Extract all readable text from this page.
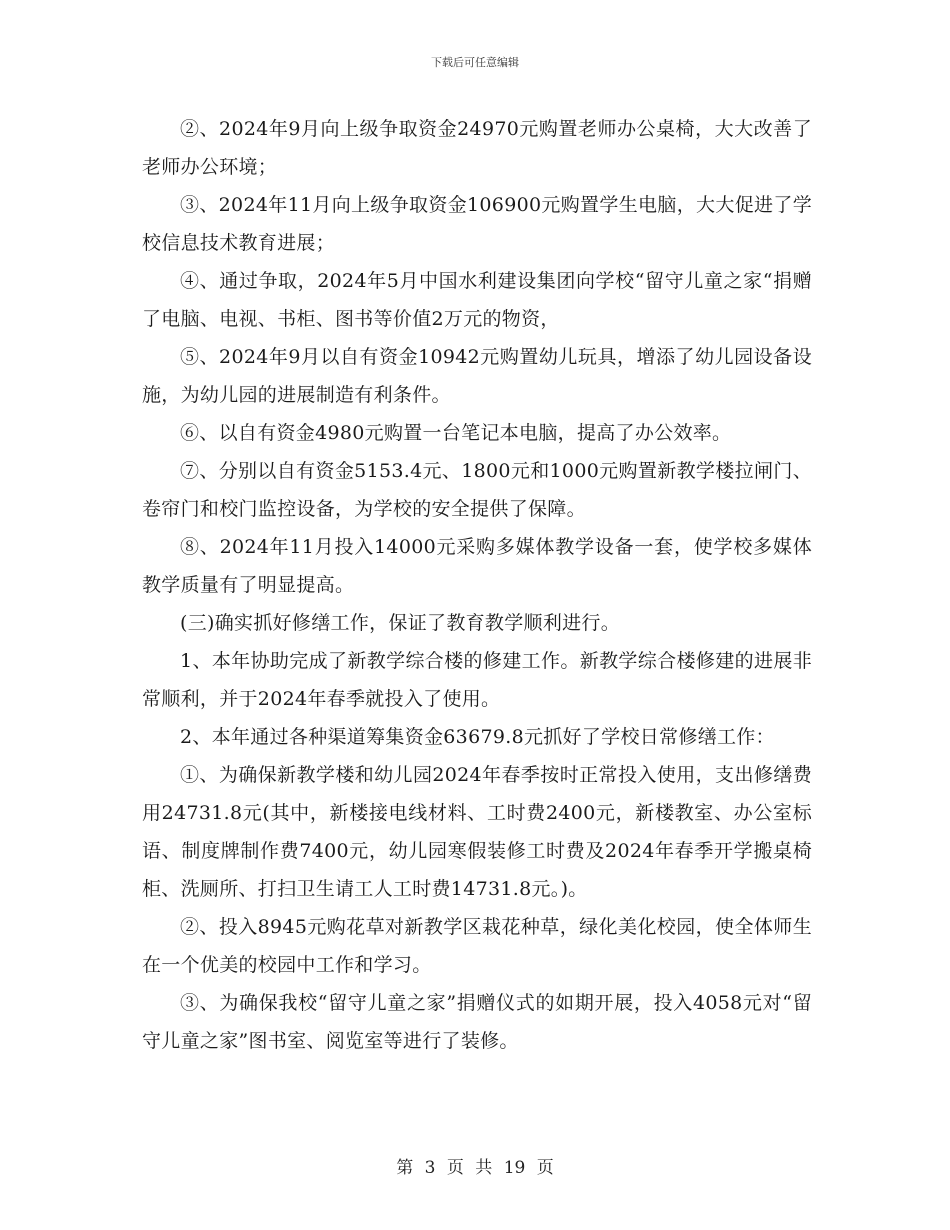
下载后可任意编辑

②、2024年9月向上级争取资金24970元购置老师办公桌椅，大大改善了老师办公环境；

③、2024年11月向上级争取资金106900元购置学生电脑，大大促进了学校信息技术教育进展；

④、通过争取，2024年5月中国水利建设集团向学校“留守儿童之家“捐赠了电脑、电视、书柜、图书等价值2万元的物资，

⑤、2024年9月以自有资金10942元购置幼儿玩具，增添了幼儿园设备设施，为幼儿园的进展制造有利条件。

⑥、以自有资金4980元购置一台笔记本电脑，提高了办公效率。

⑦、分别以自有资金5153.4元、1800元和1000元购置新教学楼拉闸门、卷帘门和校门监控设备，为学校的安全提供了保障。

⑧、2024年11月投入14000元采购多媒体教学设备一套，使学校多媒体教学质量有了明显提高。

(三)确实抓好修缮工作，保证了教育教学顺利进行。

1、本年协助完成了新教学综合楼的修建工作。新教学综合楼修建的进展非常顺利，并于2024年春季就投入了使用。

2、本年通过各种渠道筹集资金63679.8元抓好了学校日常修缮工作：

①、为确保新教学楼和幼儿园2024年春季按时正常投入使用，支出修缮费用24731.8元(其中，新楼接电线材料、工时费2400元，新楼教室、办公室标语、制度牌制作费7400元，幼儿园寒假装修工时费及2024年春季开学搬桌椅柜、洗厕所、打扫卫生请工人工时费14731.8元。)。

②、投入8945元购花草对新教学区栽花种草，绿化美化校园，使全体师生在一个优美的校园中工作和学习。

③、为确保我校“留守儿童之家”捐赠仪式的如期开展，投入4058元对“留守儿童之家”图书室、阅览室等进行了装修。

第 3 页 共 19 页
